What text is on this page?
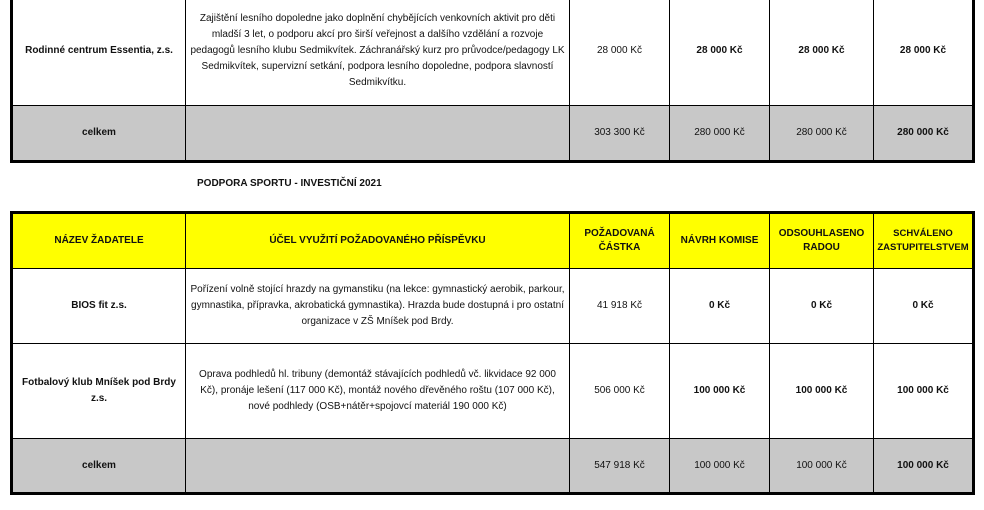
Rodinné centrum Essentia, z.s.	Zajištění lesního dopoledne jako doplnění chybějících venkovních aktivit pro děti mladší 3 let, o podporu akcí pro širší veřejnost a dalšího vzdělání a rozvoje pedagogů lesního klubu Sedmikvítek. Záchranářský kurz pro průvodce/pedagogy LK Sedmikvítek, supervizní setkání, podpora lesního dopoledne, podpora slavností Sedmikvítku.	28 000 Kč	28 000 Kč	28 000 Kč	28 000 Kč
celkem		303 300 Kč	280 000 Kč	280 000 Kč	280 000 Kč
PODPORA SPORTU - INVESTIČNÍ 2021
NÁZEV ŽADATELE	ÚČEL VYUŽITÍ POŽADOVANÉHO PŘÍSPĚVKU	POŽADOVANÁ ČÁSTKA	NÁVRH KOMISE	ODSOUHLASENO RADOU	SCHVÁLENO ZASTUPITELSTVEM
BIOS fit z.s.	Pořízení volně stojící hrazdy na gymanstiku (na lekce: gymnastický aerobik, parkour, gymnastika, přípravka, akrobatická gymnastika). Hrazda bude dostupná i pro ostatní organizace v ZŠ Mníšek pod Brdy.	41 918 Kč	0 Kč	0 Kč	0 Kč
Fotbalový klub Mníšek pod Brdy z.s.	Oprava podhledů hl. tribuny (demontáž stávajících podhledů vč. likvidace 92 000 Kč), pronáje lešení (117 000 Kč), montáž nového dřevěného roštu (107 000 Kč), nové podhledy (OSB+nátěr+spojovcí materiál 190 000 Kč)	506 000 Kč	100 000 Kč	100 000 Kč	100 000 Kč
celkem		547 918 Kč	100 000 Kč	100 000 Kč	100 000 Kč
